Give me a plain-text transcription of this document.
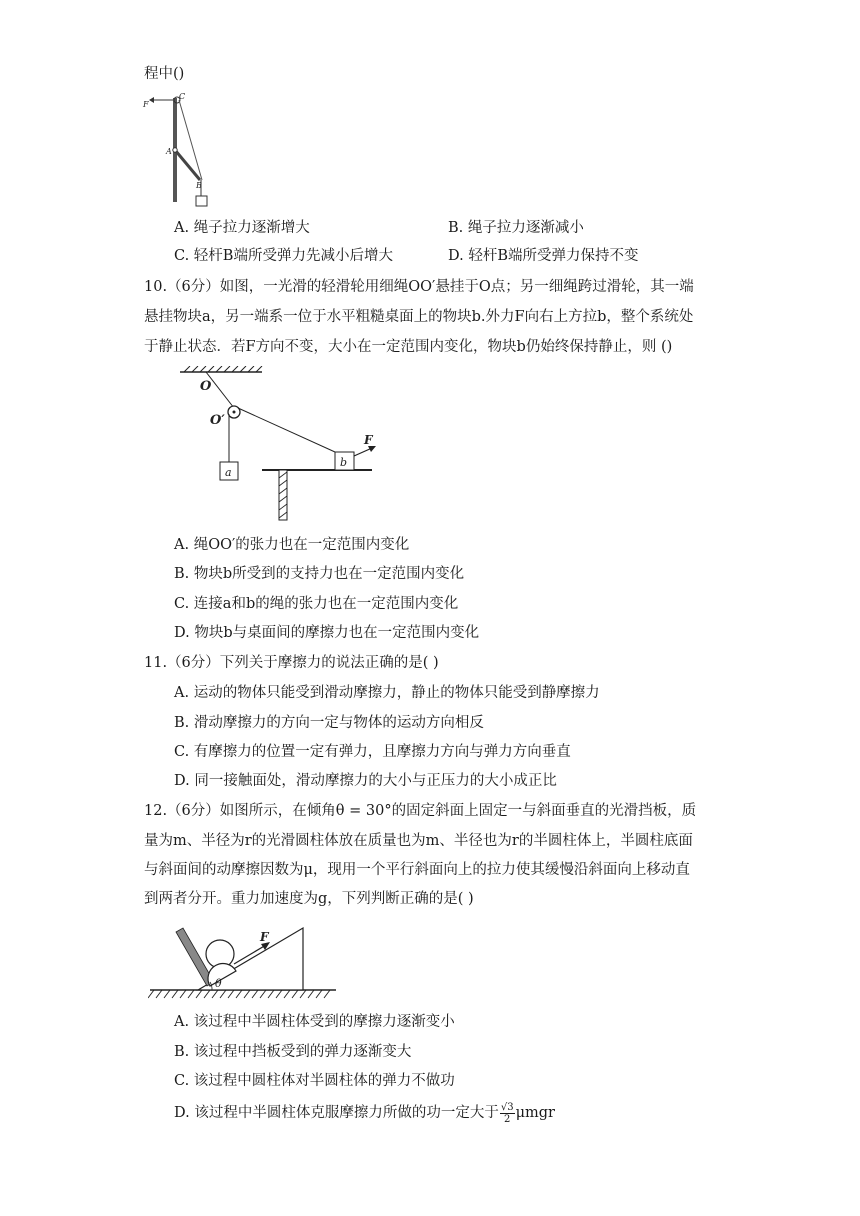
程中()
F
C
A
B
A. 绳子拉力逐渐增大	B. 绳子拉力逐渐减小
C. 轻杆B端所受弹力先减小后增大	D. 轻杆B端所受弹力保持不变
10.（6分）如图，一光滑的轻滑轮用细绳OO′悬挂于O点；另一细绳跨过滑轮，其一端
悬挂物块a，另一端系一位于水平粗糙桌面上的物块b.外力F向右上方拉b，整个系统处
于静止状态．若F方向不变，大小在一定范围内变化，物块b仍始终保持静止，则 ()
O
O′
a
b
F
A. 绳OO′的张力也在一定范围内变化
B. 物块b所受到的支持力也在一定范围内变化
C. 连接a和b的绳的张力也在一定范围内变化
D. 物块b与桌面间的摩擦力也在一定范围内变化
11.（6分）下列关于摩擦力的说法正确的是( )
A. 运动的物体只能受到滑动摩擦力，静止的物体只能受到静摩擦力
B. 滑动摩擦力的方向一定与物体的运动方向相反
C. 有摩擦力的位置一定有弹力，且摩擦力方向与弹力方向垂直
D. 同一接触面处，滑动摩擦力的大小与正压力的大小成正比
12.（6分）如图所示，在倾角θ = 30°的固定斜面上固定一与斜面垂直的光滑挡板，质
量为m、半径为r的光滑圆柱体放在质量也为m、半径也为r的半圆柱体上，半圆柱底面
与斜面间的动摩擦因数为μ，现用一个平行斜面向上的拉力使其缓慢沿斜面向上移动直
到两者分开。重力加速度为g，下列判断正确的是( )
F
θ
A. 该过程中半圆柱体受到的摩擦力逐渐变小
B. 该过程中挡板受到的弹力逐渐变大
C. 该过程中圆柱体对半圆柱体的弹力不做功
D. 该过程中半圆柱体克服摩擦力所做的功一定大于 $\frac{√3}{2}$ μmgr
